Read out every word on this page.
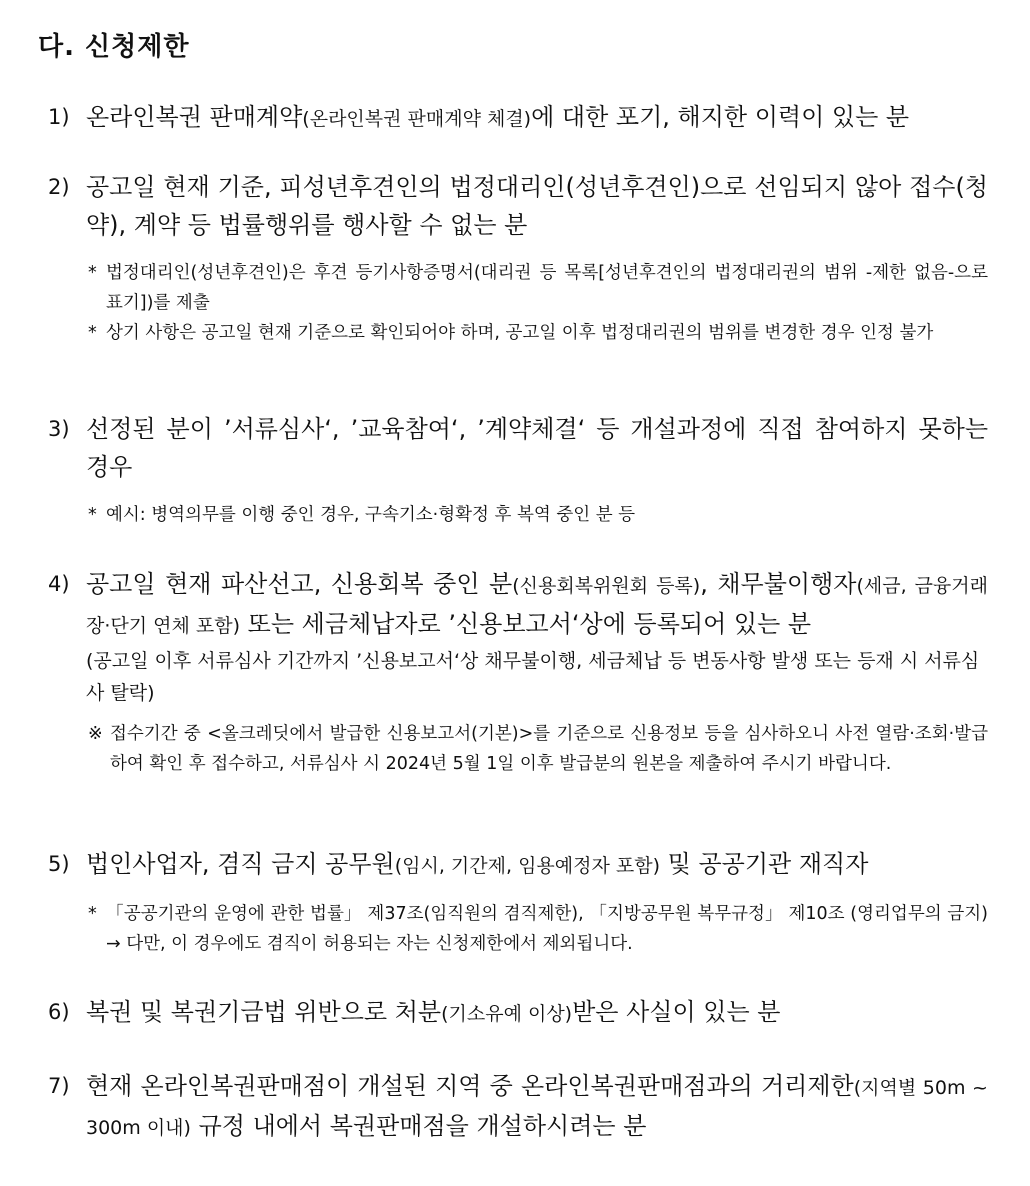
다. 신청제한
1) 온라인복권 판매계약(온라인복권 판매계약 체결)에 대한 포기, 해지한 이력이 있는 분
2) 공고일 현재 기준, 피성년후견인의 법정대리인(성년후견인)으로 선임되지 않아 접수(청약), 계약 등 법률행위를 행사할 수 없는 분
* 법정대리인(성년후견인)은 후견 등기사항증명서(대리권 등 목록[성년후견인의 법정대리권의 범위 -제한 없음-으로 표기])를 제출
* 상기 사항은 공고일 현재 기준으로 확인되어야 하며, 공고일 이후 법정대리권의 범위를 변경한 경우 인정 불가
3) 선정된 분이 ’서류심사‘, ’교육참여‘, ’계약체결‘ 등 개설과정에 직접 참여하지 못하는 경우
* 예시: 병역의무를 이행 중인 경우, 구속기소·형확정 후 복역 중인 분 등
4) 공고일 현재 파산선고, 신용회복 중인 분(신용회복위원회 등록), 채무불이행자(세금, 금융거래 장·단기 연체 포함) 또는 세금체납자로 ’신용보고서‘상에 등록되어 있는 분
(공고일 이후 서류심사 기간까지 ’신용보고서‘상 채무불이행, 세금체납 등 변동사항 발생 또는 등재 시 서류심사 탈락)
※ 접수기간 중 <올크레딧에서 발급한 신용보고서(기본)>를 기준으로 신용정보 등을 심사하오니 사전 열람·조회·발급하여 확인 후 접수하고, 서류심사 시 2024년 5월 1일 이후 발급분의 원본을 제출하여 주시기 바랍니다.
5) 법인사업자, 겸직 금지 공무원(임시, 기간제, 임용예정자 포함) 및 공공기관 재직자
* 「공공기관의 운영에 관한 법률」 제37조(임직원의 겸직제한), 「지방공무원 복무규정」 제10조 (영리업무의 금지) → 다만, 이 경우에도 겸직이 허용되는 자는 신청제한에서 제외됩니다.
6) 복권 및 복권기금법 위반으로 처분(기소유예 이상)받은 사실이 있는 분
7) 현재 온라인복권판매점이 개설된 지역 중 온라인복권판매점과의 거리제한(지역별 50m ~ 300m 이내) 규정 내에서 복권판매점을 개설하시려는 분
